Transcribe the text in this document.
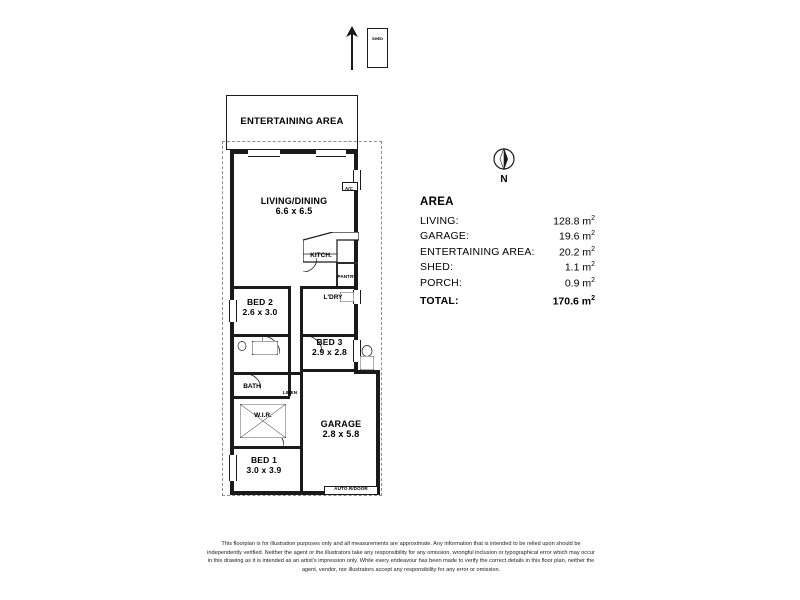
SHED
ENTERTAINING AREA
LIVING/DINING
6.6 x 6.5
BED 2
2.6 x 3.0
BED 3
2.9 x 2.8
BED 1
3.0 x 3.9
GARAGE
2.8 x 5.8
KITCH.
L'DRY
BATH
W.I.R.
A/C
PANTRY
LINEN
AUTO R/DOOR
N
AREA
LIVING:	128.8 $m^2$
GARAGE:	19.6 $m^2$
ENTERTAINING AREA: 20.2 $m^2$
SHED:	1.1 $m^2$
PORCH:	0.9 $m^2$
TOTAL:	170.6 $m^2$
This floorplan is for illustration purposes only and all measurements are approximate. Any information that is intended to be relied upon should be independently verified. Neither the agent or the illustrators take any responsibility for any omission, wrongful inclusion or typographical error which may occur in this drawing as it is intended as an artist's impression only. While every endeavour has been made to verify the correct details in this floor plan, neither the agent, vendor, nor illustrators accept any responsibility for any error or omission.
